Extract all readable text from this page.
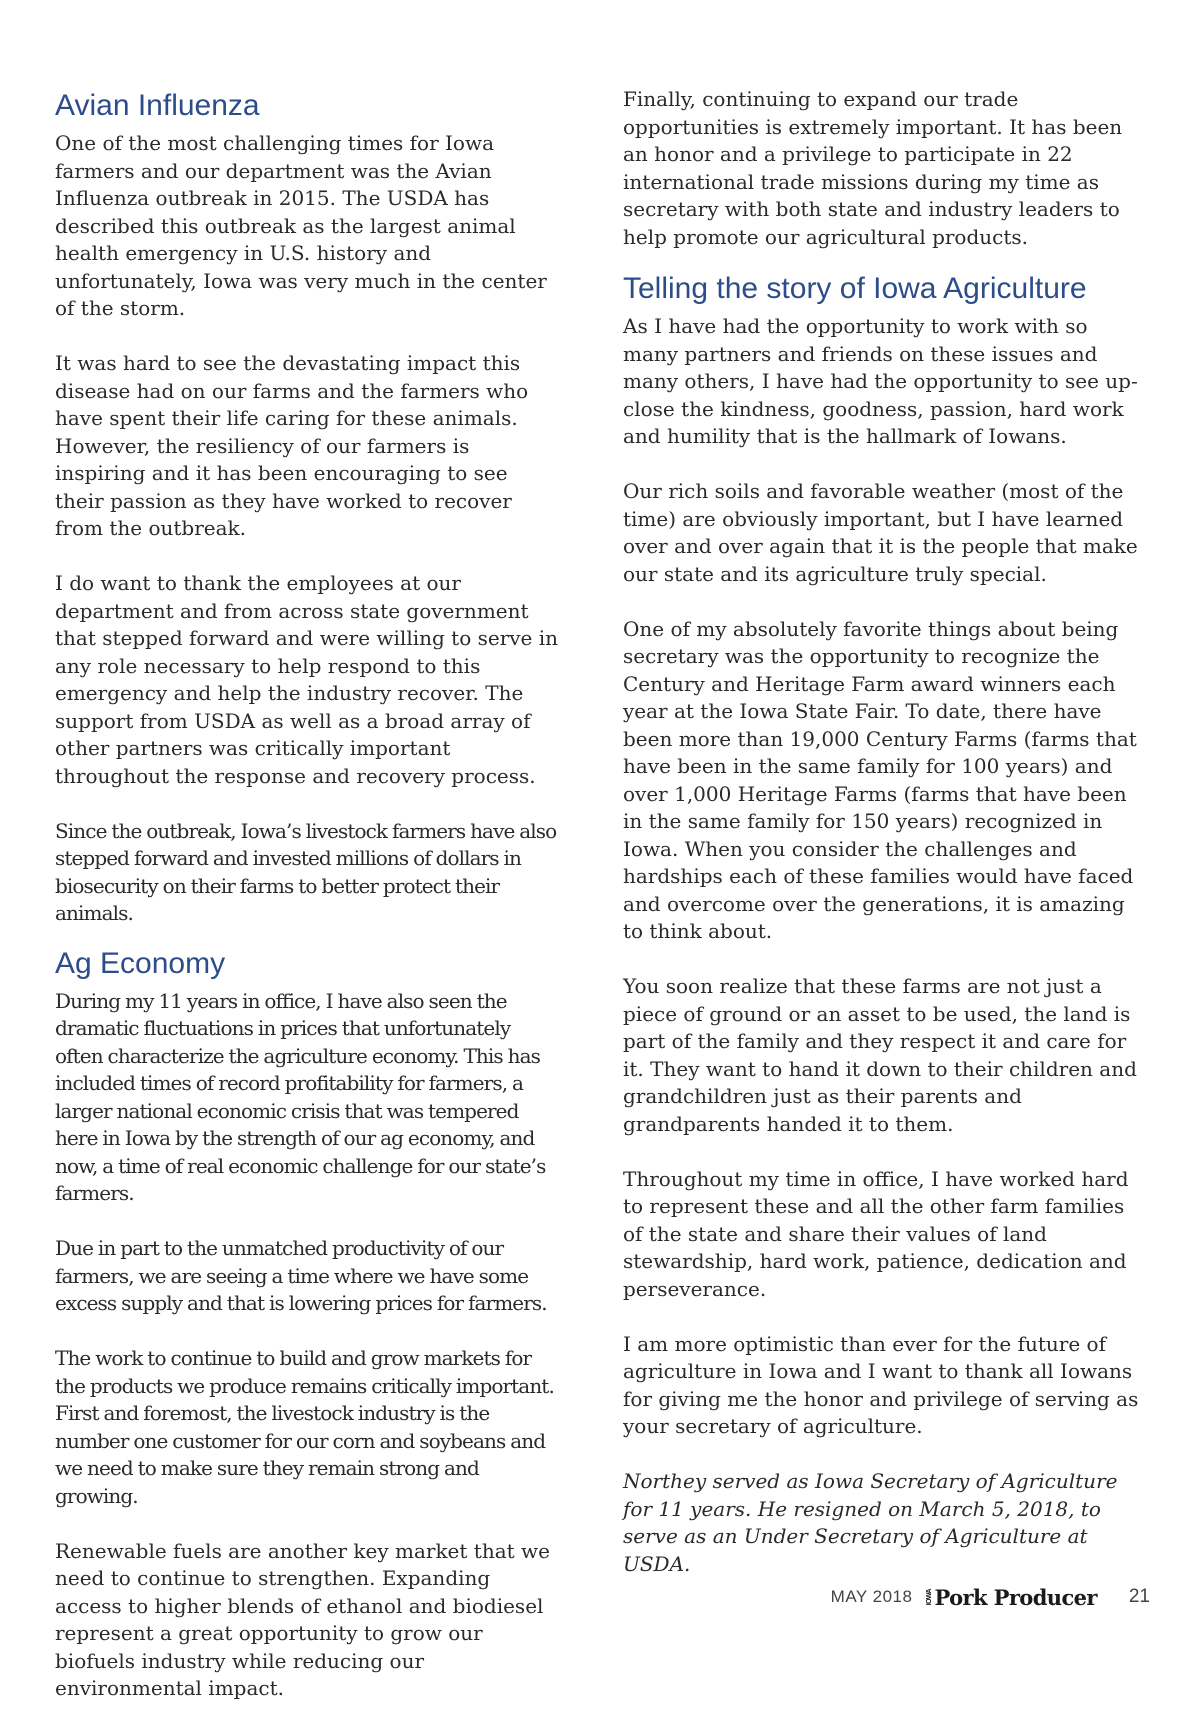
Avian Influenza

One of the most challenging times for Iowa farmers and our department was the Avian Influenza outbreak in 2015. The USDA has described this outbreak as the largest animal health emergency in U.S. history and unfortunately, Iowa was very much in the center of the storm.

It was hard to see the devastating impact this disease had on our farms and the farmers who have spent their life caring for these animals. However, the resiliency of our farmers is inspiring and it has been encouraging to see their passion as they have worked to recover from the outbreak.

I do want to thank the employees at our department and from across state government that stepped forward and were willing to serve in any role necessary to help respond to this emergency and help the industry recover. The support from USDA as well as a broad array of other partners was critically important throughout the response and recovery process.

Since the outbreak, Iowa’s livestock farmers have also stepped forward and invested millions of dollars in biosecurity on their farms to better protect their animals.

Ag Economy

During my 11 years in office, I have also seen the dramatic fluctuations in prices that unfortunately often characterize the agriculture economy. This has included times of record profitability for farmers, a larger national economic crisis that was tempered here in Iowa by the strength of our ag economy, and now, a time of real economic challenge for our state’s farmers.

Due in part to the unmatched productivity of our farmers, we are seeing a time where we have some excess supply and that is lowering prices for farmers.

The work to continue to build and grow markets for the products we produce remains critically important. First and foremost, the livestock industry is the number one customer for our corn and soybeans and we need to make sure they remain strong and growing.

Renewable fuels are another key market that we need to continue to strengthen. Expanding access to higher blends of ethanol and biodiesel represent a great opportunity to grow our biofuels industry while reducing our environmental impact.

Finally, continuing to expand our trade opportunities is extremely important. It has been an honor and a privilege to participate in 22 international trade missions during my time as secretary with both state and industry leaders to help promote our agricultural products.

Telling the story of Iowa Agriculture

As I have had the opportunity to work with so many partners and friends on these issues and many others, I have had the opportunity to see up-close the kindness, goodness, passion, hard work and humility that is the hallmark of Iowans.

Our rich soils and favorable weather (most of the time) are obviously important, but I have learned over and over again that it is the people that make our state and its agriculture truly special.

One of my absolutely favorite things about being secretary was the opportunity to recognize the Century and Heritage Farm award winners each year at the Iowa State Fair. To date, there have been more than 19,000 Century Farms (farms that have been in the same family for 100 years) and over 1,000 Heritage Farms (farms that have been in the same family for 150 years) recognized in Iowa. When you consider the challenges and hardships each of these families would have faced and overcome over the generations, it is amazing to think about.

You soon realize that these farms are not just a piece of ground or an asset to be used, the land is part of the family and they respect it and care for it. They want to hand it down to their children and grandchildren just as their parents and grandparents handed it to them.

Throughout my time in office, I have worked hard to represent these and all the other farm families of the state and share their values of land stewardship, hard work, patience, dedication and perseverance.

I am more optimistic than ever for the future of agriculture in Iowa and I want to thank all Iowans for giving me the honor and privilege of serving as your secretary of agriculture.

Northey served as Iowa Secretary of Agriculture for 11 years. He resigned on March 5, 2018, to serve as an Under Secretary of Agriculture at USDA.

MAY 2018 IOWA Pork Producer 21
